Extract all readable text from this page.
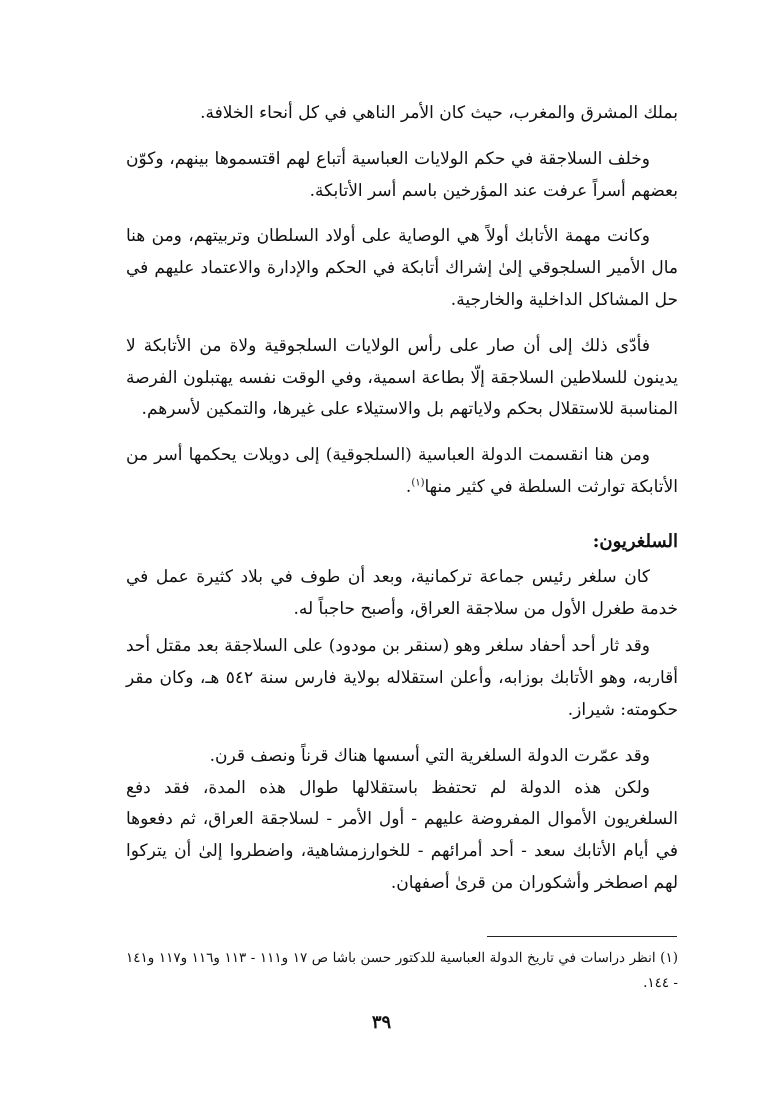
بملك المشرق والمغرب، حيث كان الأمر الناهي في كل أنحاء الخلافة.

وخلف السلاجقة في حكم الولايات العباسية أتباع لهم اقتسموها بينهم، وكوّن بعضهم أسراً عرفت عند المؤرخين باسم أسر الأتابكة.

وكانت مهمة الأتابك أولاً هي الوصاية على أولاد السلطان وتربيتهم، ومن هنا مال الأمير السلجوقي إلىٰ إشراك أتابكة في الحكم والإدارة والاعتماد عليهم في حل المشاكل الداخلية والخارجية.

فأدّى ذلك إلى أن صار على رأس الولايات السلجوقية ولاة من الأتابكة لا يدينون للسلاطين السلاجقة إلّا بطاعة اسمية، وفي الوقت نفسه يهتبلون الفرصة المناسبة للاستقلال بحكم ولاياتهم بل والاستيلاء على غيرها، والتمكين لأسرهم.

ومن هنا انقسمت الدولة العباسية (السلجوقية) إلى دويلات يحكمها أسر من الأتابكة توارثت السلطة في كثير منها$^{(١)}$.

السلغريون:

كان سلغر رئيس جماعة تركمانية، وبعد أن طوف في بلاد كثيرة عمل في خدمة طغرل الأول من سلاجقة العراق، وأصبح حاجباً له.

وقد ثار أحد أحفاد سلغر وهو (سنقر بن مودود) على السلاجقة بعد مقتل أحد أقاربه، وهو الأتابك بوزابه، وأعلن استقلاله بولاية فارس سنة ٥٤٢ هـ، وكان مقر حكومته: شيراز.

وقد عمّرت الدولة السلغرية التي أسسها هناك قرناً ونصف قرن.

ولكن هذه الدولة لم تحتفظ باستقلالها طوال هذه المدة، فقد دفع السلغريون الأموال المفروضة عليهم - أول الأمر - لسلاجقة العراق، ثم دفعوها في أيام الأتابك سعد - أحد أمرائهم - للخوارزمشاهية، واضطروا إلىٰ أن يتركوا لهم اصطخر وأشكوران من قرىٰ أصفهان.

(١) انظر دراسات في تاريخ الدولة العباسية للدكتور حسن باشا ص ١٧ و١١١ - ١١٣ و١١٦ و١١٧ و١٤١ - ١٤٤.

٣٩
